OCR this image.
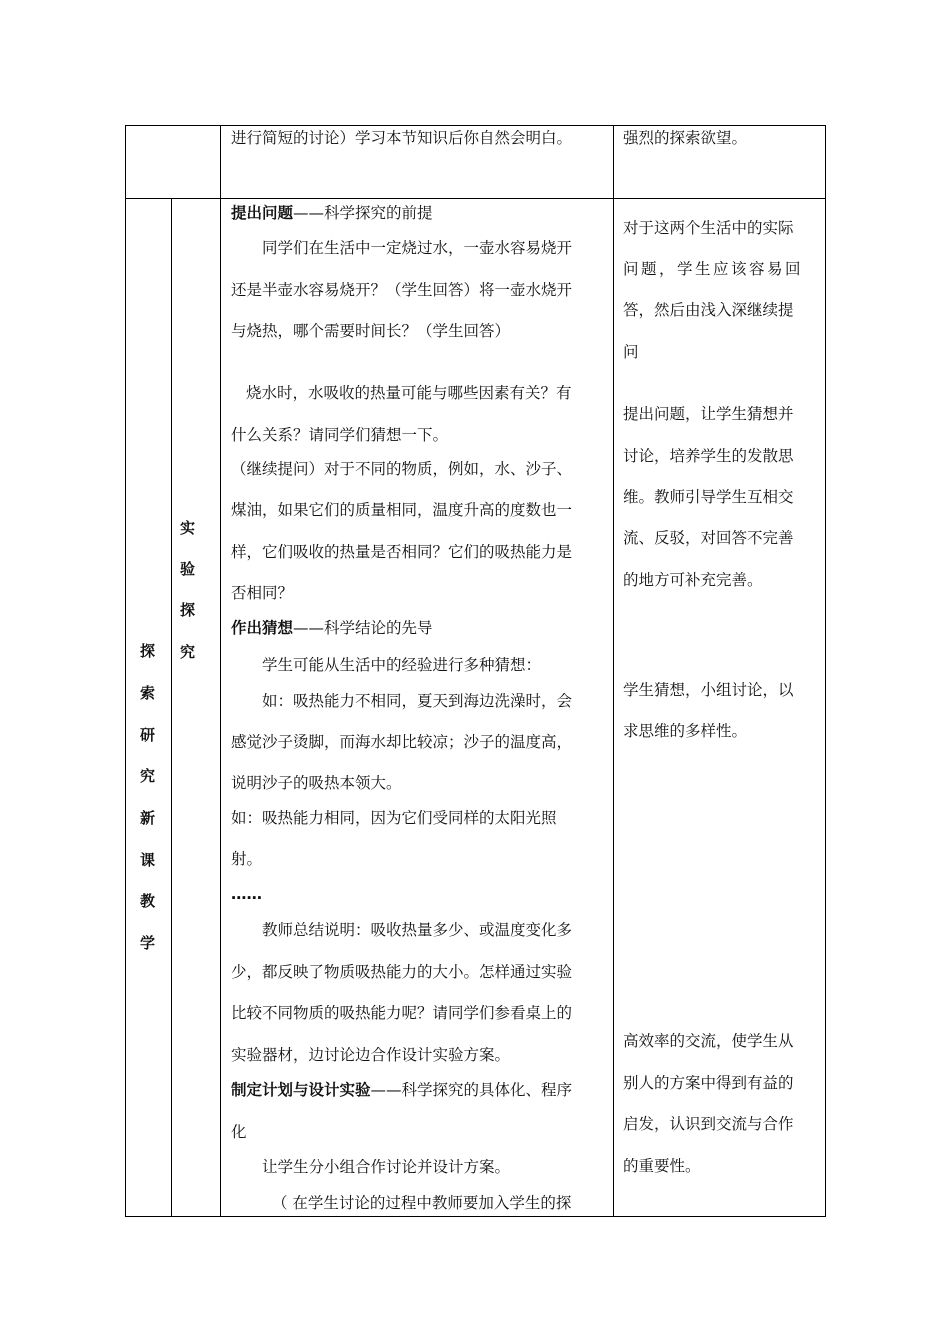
进行简短的讨论）学习本节知识后你自然会明白。	强烈的探索欲望。
探
索
研
究
新
课
教
学
实
验
探
究
提出问题——科学探究的前提
同学们在生活中一定烧过水，一壶水容易烧开
还是半壶水容易烧开？（学生回答）将一壶水烧开
与烧热，哪个需要时间长？（学生回答）
烧水时，水吸收的热量可能与哪些因素有关？有
什么关系？请同学们猜想一下。
（继续提问）对于不同的物质，例如，水、沙子、
煤油，如果它们的质量相同，温度升高的度数也一
样，它们吸收的热量是否相同？它们的吸热能力是
否相同？
作出猜想——科学结论的先导
学生可能从生活中的经验进行多种猜想：
如：吸热能力不相同，夏天到海边洗澡时，会
感觉沙子烫脚，而海水却比较凉；沙子的温度高，
说明沙子的吸热本领大。
如：吸热能力相同，因为它们受同样的太阳光照
射。
……
教师总结说明：吸收热量多少、或温度变化多
少，都反映了物质吸热能力的大小。怎样通过实验
比较不同物质的吸热能力呢？请同学们参看桌上的
实验器材，边讨论边合作设计实验方案。
制定计划与设计实验——科学探究的具体化、程序
化
让学生分小组合作讨论并设计方案。
（ 在学生讨论的过程中教师要加入学生的探
对于这两个生活中的实际
问题，学生应该容易回
答，然后由浅入深继续提
问
提出问题，让学生猜想并
讨论，培养学生的发散思
维。教师引导学生互相交
流、反驳，对回答不完善
的地方可补充完善。
学生猜想，小组讨论，以
求思维的多样性。
高效率的交流，使学生从
别人的方案中得到有益的
启发，认识到交流与合作
的重要性。
